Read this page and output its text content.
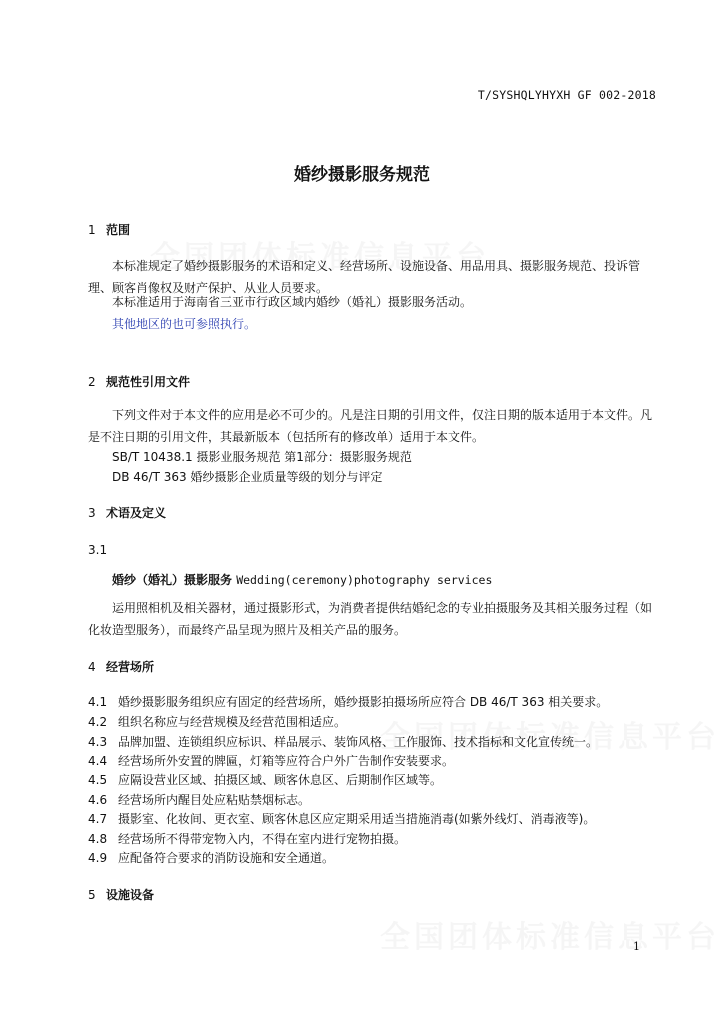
T/SYSHQLYHYXH GF 002-2018
婚纱摄影服务规范
1 范围
本标准规定了婚纱摄影服务的术语和定义、经营场所、设施设备、用品用具、摄影服务规范、投诉管理、顾客肖像权及财产保护、从业人员要求。
本标准适用于海南省三亚市行政区域内婚纱（婚礼）摄影服务活动。
其他地区的也可参照执行。
2 规范性引用文件
下列文件对于本文件的应用是必不可少的。凡是注日期的引用文件，仅注日期的版本适用于本文件。凡是不注日期的引用文件，其最新版本（包括所有的修改单）适用于本文件。
SB/T 10438.1 摄影业服务规范 第1部分：摄影服务规范
DB 46/T 363 婚纱摄影企业质量等级的划分与评定
3 术语及定义
3.1
婚纱（婚礼）摄影服务 Wedding(ceremony)photography services
运用照相机及相关器材，通过摄影形式，为消费者提供结婚纪念的专业拍摄服务及其相关服务过程（如化妆造型服务），而最终产品呈现为照片及相关产品的服务。
4 经营场所
4.1 婚纱摄影服务组织应有固定的经营场所，婚纱摄影拍摄场所应符合 DB 46/T 363 相关要求。
4.2 组织名称应与经营规模及经营范围相适应。
4.3 品牌加盟、连锁组织应标识、样品展示、装饰风格、工作服饰、技术指标和文化宣传统一。
4.4 经营场所外安置的牌匾，灯箱等应符合户外广告制作安装要求。
4.5 应隔设营业区域、拍摄区域、顾客休息区、后期制作区域等。
4.6 经营场所内醒目处应粘贴禁烟标志。
4.7 摄影室、化妆间、更衣室、顾客休息区应定期采用适当措施消毒(如紫外线灯、消毒液等)。
4.8 经营场所不得带宠物入内，不得在室内进行宠物拍摄。
4.9 应配备符合要求的消防设施和安全通道。
5 设施设备
1
